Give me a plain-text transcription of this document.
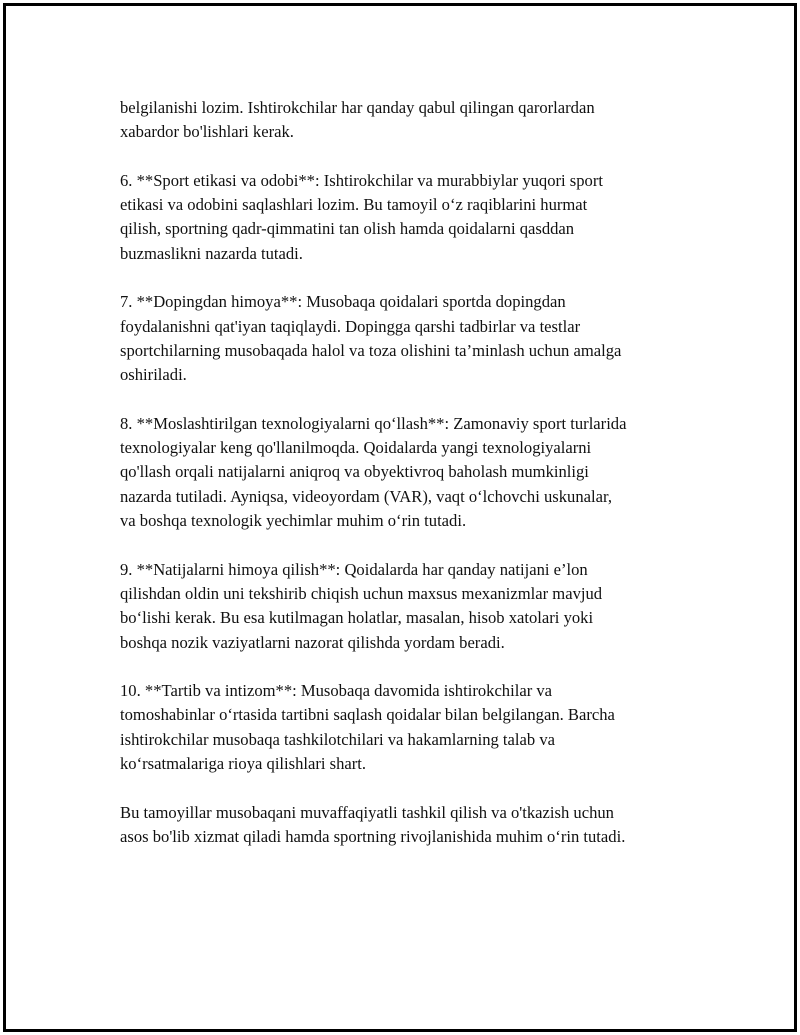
belgilanishi lozim. Ishtirokchilar har qanday qabul qilingan qarorlardan
xabardor bo'lishlari kerak.

6. **Sport etikasi va odobi**: Ishtirokchilar va murabbiylar yuqori sport
etikasi va odobini saqlashlari lozim. Bu tamoyil o‘z raqiblarini hurmat
qilish, sportning qadr-qimmatini tan olish hamda qoidalarni qasddan
buzmaslikni nazarda tutadi.

7. **Dopingdan himoya**: Musobaqa qoidalari sportda dopingdan
foydalanishni qat'iyan taqiqlaydi. Dopingga qarshi tadbirlar va testlar
sportchilarning musobaqada halol va toza olishini ta’minlash uchun amalga
oshiriladi.

8. **Moslashtirilgan texnologiyalarni qo‘llash**: Zamonaviy sport turlarida
texnologiyalar keng qo'llanilmoqda. Qoidalarda yangi texnologiyalarni
qo'llash orqali natijalarni aniqroq va obyektivroq baholash mumkinligi
nazarda tutiladi. Ayniqsa, videoyordam (VAR), vaqt o‘lchovchi uskunalar,
va boshqa texnologik yechimlar muhim o‘rin tutadi.

9. **Natijalarni himoya qilish**: Qoidalarda har qanday natijani e’lon
qilishdan oldin uni tekshirib chiqish uchun maxsus mexanizmlar mavjud
bo‘lishi kerak. Bu esa kutilmagan holatlar, masalan, hisob xatolari yoki
boshqa nozik vaziyatlarni nazorat qilishda yordam beradi.

10. **Tartib va intizom**: Musobaqa davomida ishtirokchilar va
tomoshabinlar o‘rtasida tartibni saqlash qoidalar bilan belgilangan. Barcha
ishtirokchilar musobaqa tashkilotchilari va hakamlarning talab va
ko‘rsatmalariga rioya qilishlari shart.

Bu tamoyillar musobaqani muvaffaqiyatli tashkil qilish va o'tkazish uchun
asos bo'lib xizmat qiladi hamda sportning rivojlanishida muhim o‘rin tutadi.
